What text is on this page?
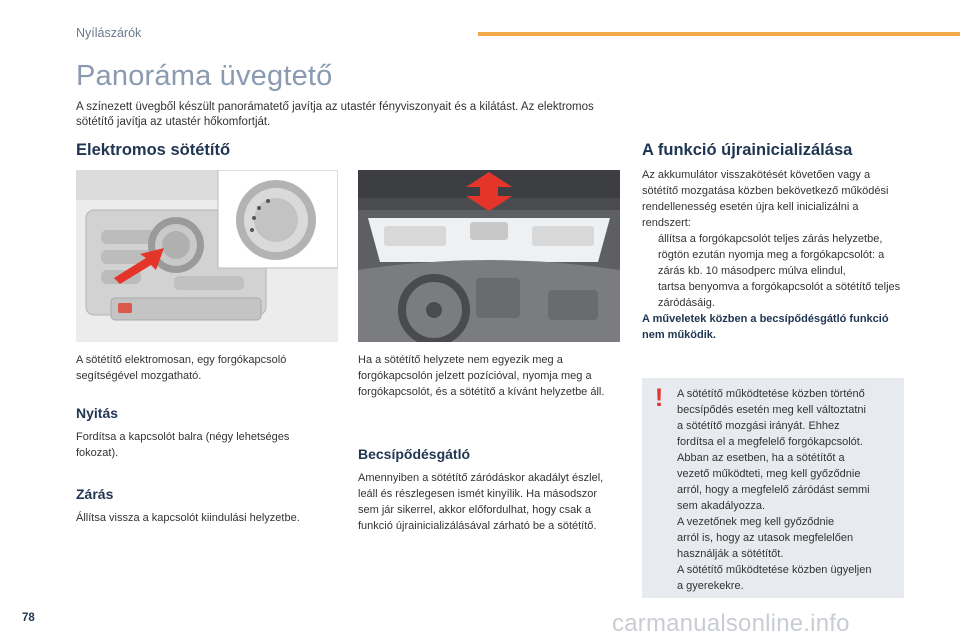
Nyílászárók
Panoráma üvegtető

A színezett üvegből készült panorámatető javítja az utastér fényviszonyait és a kilátást. Az elektromos sötétítő javítja az utastér hőkomfortját.

Elektromos sötétítő

A sötétítő elektromosan, egy forgókapcsoló segítségével mozgatható.

Nyitás

Fordítsa a kapcsolót balra (négy lehetséges fokozat).

Zárás

Állítsa vissza a kapcsolót kiindulási helyzetbe.

Ha a sötétítő helyzete nem egyezik meg a forgókapcsolón jelzett pozícióval, nyomja meg a forgókapcsolót, és a sötétítő a kívánt helyzetbe áll.

Becsípődésgátló

Amennyiben a sötétítő záródáskor akadályt észlel, leáll és részlegesen ismét kinyílik. Ha másodszor sem jár sikerrel, akkor előfordulhat, hogy csak a funkció újrainicializálásával zárható be a sötétítő.

A funkció újrainicializálása

Az akkumulátor visszakötését követően vagy a sötétítő mozgatása közben bekövetkező működési rendellenesség esetén újra kell inicializálni a rendszert:

állítsa a forgókapcsolót teljes zárás helyzetbe,
rögtön ezután nyomja meg a forgókapcsolót: a zárás kb. 10 másodperc múlva elindul,
tartsa benyomva a forgókapcsolót a sötétítő teljes záródásáig.

A műveletek közben a becsípődésgátló funkció nem működik.

!	A sötétítő működtetése közben történő
becsípődés esetén meg kell változtatni
a sötétítő mozgási irányát. Ehhez
fordítsa el a megfelelő forgókapcsolót.
Abban az esetben, ha a sötétítőt a
vezető működteti, meg kell győződnie
arról, hogy a megfelelő záródást semmi
sem akadályozza.
A vezetőnek meg kell győződnie
arról is, hogy az utasok megfelelően
használják a sötétítőt.
A sötétítő működtetése közben ügyeljen
a gyerekekre.
78	carmanualsonline.info
